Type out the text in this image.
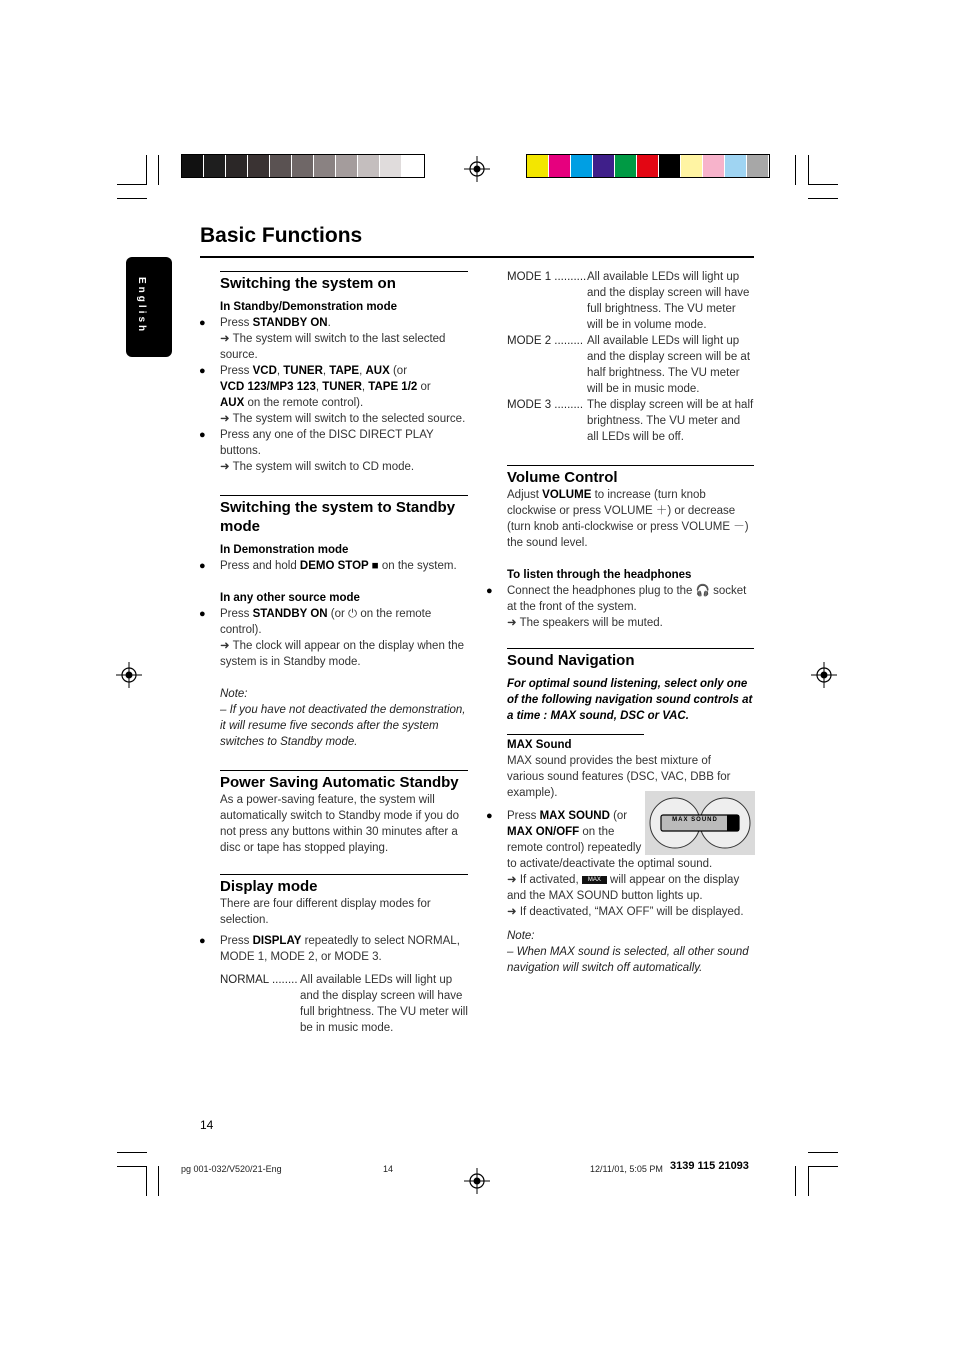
Basic Functions
English	Switching the system on

In Standby/Demonstration mode

● Press STANDBY ON.

➜ The system will switch to the last selected source.

● Press VCD, TUNER, TAPE, AUX (or
VCD 123/MP3 123, TUNER, TAPE 1/2 or
AUX on the remote control).

➜ The system will switch to the selected source.

● Press any one of the DISC DIRECT PLAY buttons.

➜ The system will switch to CD mode.

Switching the system to Standby mode

In Demonstration mode

● Press and hold DEMO STOP ■ on the system.

In any other source mode

● Press STANDBY ON (or ⏻ on the remote control).

➜ The clock will appear on the display when the system is in Standby mode.

Note:

– If you have not deactivated the demonstration, it will resume five seconds after the system switches to Standby mode.

Power Saving Automatic Standby

As a power-saving feature, the system will automatically switch to Standby mode if you do not press any buttons within 30 minutes after a disc or tape has stopped playing.

Display mode

There are four different display modes for selection.

● Press DISPLAY repeatedly to select NORMAL, MODE 1, MODE 2, or MODE 3.

NORMAL ........ All available LEDs will light up and the display screen will have full brightness. The VU meter will be in music mode.
MODE 1 .......... All available LEDs will light up and the display screen will have full brightness. The VU meter will be in volume mode.
MODE 2 ......... All available LEDs will light up and the display screen will be at half brightness. The VU meter will be in music mode.
MODE 3 ......... The display screen will be at half brightness. The VU meter and all LEDs will be off.
Volume Control

Adjust VOLUME to increase (turn knob clockwise or press VOLUME ＋) or decrease (turn knob anti-clockwise or press VOLUME －) the sound level.

To listen through the headphones

● Connect the headphones plug to the 🎧 socket at the front of the system.

➜ The speakers will be muted.

Sound Navigation

For optimal sound listening, select only one of the following navigation sound controls at a time : MAX sound, DSC or VAC.

MAX Sound

MAX sound provides the best mixture of various sound features (DSC, VAC, DBB for example).

● Press MAX SOUND (or MAX ON/OFF on the remote control) repeatedly

to activate/deactivate the optimal sound.

➜ If activated, MAX will appear on the display and the MAX SOUND button lights up.

➜ If deactivated, “MAX OFF” will be displayed.

Note:

– When MAX sound is selected, all other sound navigation will switch off automatically.

MAX SOUND
14
pg 001-032/V520/21-Eng	14	12/11/01, 5:05 PM 3139 115 21093
